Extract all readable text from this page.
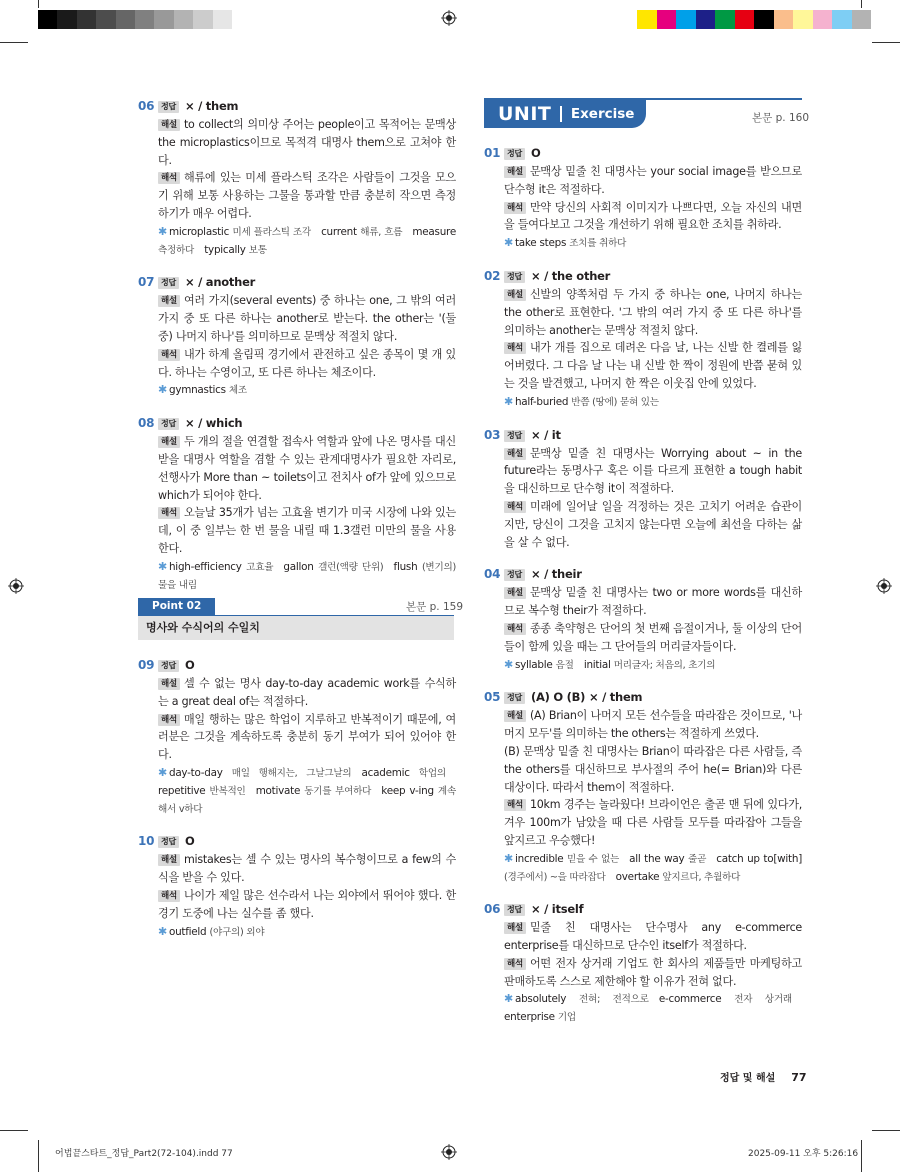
UNIT Exercise	본문 p. 160
06 정답 × / them

해설 to collect의 의미상 주어는 people이고 목적어는 문맥상 the microplastics이므로 목적격 대명사 them으로 고쳐야 한다.

해석 해류에 있는 미세 플라스틱 조각은 사람들이 그것을 모으기 위해 보통 사용하는 그물을 통과할 만큼 충분히 작으면 측정하기가 매우 어렵다.

✱ microplastic 미세 플라스틱 조각  current 해류, 흐름  measure 측정하다  typically 보통 

07 정답 × / another

해설 여러 가지(several events) 중 하나는 one, 그 밖의 여러 가지 중 또 다른 하나는 another로 받는다. the other는 '(둘 중) 나머지 하나'를 의미하므로 문맥상 적절치 않다.

해석 내가 하계 올림픽 경기에서 관전하고 싶은 종목이 몇 개 있다. 하나는 수영이고, 또 다른 하나는 체조이다.

✱ gymnastics 체조 

08 정답 × / which

해설 두 개의 절을 연결할 접속사 역할과 앞에 나온 명사를 대신 받을 대명사 역할을 겸할 수 있는 관계대명사가 필요한 자리로, 선행사가 More than ~ toilets이고 전치사 of가 앞에 있으므로 which가 되어야 한다.

해석 오늘날 35개가 넘는 고효율 변기가 미국 시장에 나와 있는데, 이 중 일부는 한 번 물을 내릴 때 1.3갤런 미만의 물을 사용한다.

✱ high-efficiency 고효율  gallon 갤런(액량 단위)  flush (변기의) 물을 내림 

Point 02
명사와 수식어의 수일치
본문 p. 159
09 정답 O

해설 셀 수 없는 명사 day-to-day academic work를 수식하는 a great deal of는 적절하다.

해석 매일 행하는 많은 학업이 지루하고 반복적이기 때문에, 여러분은 그것을 계속하도록 충분히 동기 부여가 되어 있어야 한다.

✱ day-to-day 매일 행해지는, 그날그날의  academic 학업의 repetitive 반복적인  motivate 동기를 부여하다  keep v-ing 계속해서 v하다 

10 정답 O

해설 mistakes는 셀 수 있는 명사의 복수형이므로 a few의 수식을 받을 수 있다.

해석 나이가 제일 많은 선수라서 나는 외야에서 뛰어야 했다. 한 경기 도중에 나는 실수를 좀 했다.

✱ outfield (야구의) 외야 

01 정답 O

해설 문맥상 밑줄 친 대명사는 your social image를 받으므로 단수형 it은 적절하다.

해석 만약 당신의 사회적 이미지가 나쁘다면, 오늘 자신의 내면을 들여다보고 그것을 개선하기 위해 필요한 조치를 취하라.

✱ take steps 조치를 취하다 

02 정답 × / the other

해설 신발의 양쪽처럼 두 가지 중 하나는 one, 나머지 하나는 the other로 표현한다. '그 밖의 여러 가지 중 또 다른 하나'를 의미하는 another는 문맥상 적절치 않다.

해석 내가 개를 집으로 데려온 다음 날, 나는 신발 한 켤레를 잃어버렸다. 그 다음 날 나는 내 신발 한 짝이 정원에 반쯤 묻혀 있는 것을 발견했고, 나머지 한 짝은 이웃집 안에 있었다.

✱ half-buried 반쯤 (땅에) 묻혀 있는 

03 정답 × / it

해설 문맥상 밑줄 친 대명사는 Worrying about ~ in the future라는 동명사구 혹은 이를 다르게 표현한 a tough habit을 대신하므로 단수형 it이 적절하다.

해석 미래에 일어날 일을 걱정하는 것은 고치기 어려운 습관이지만, 당신이 그것을 고치지 않는다면 오늘에 최선을 다하는 삶을 살 수 없다.

04 정답 × / their

해설 문맥상 밑줄 친 대명사는 two or more words를 대신하므로 복수형 their가 적절하다.

해석 종종 축약형은 단어의 첫 번째 음절이거나, 둘 이상의 단어들이 함께 있을 때는 그 단어들의 머리글자들이다.

✱ syllable 음절  initial 머리글자; 처음의, 초기의 

05 정답 (A) O (B) × / them

해설 (A) Brian이 나머지 모든 선수들을 따라잡은 것이므로, '나머지 모두'를 의미하는 the others는 적절하게 쓰였다.

(B) 문맥상 밑줄 친 대명사는 Brian이 따라잡은 다른 사람들, 즉 the others를 대신하므로 부사절의 주어 he(= Brian)와 다른 대상이다. 따라서 them이 적절하다.

해석 10km 경주는 놀라웠다! 브라이언은 출곧 맨 뒤에 있다가, 겨우 100m가 남았을 때 다른 사람들 모두를 따라잡아 그들을 앞지르고 우승했다!

✱ incredible 믿을 수 없는  all the way 줄곧  catch up to[with] (경주에서) ~을 따라잡다  overtake 앞지르다, 추월하다 

06 정답 × / itself

해설 밑줄 친 대명사는 단수명사 any e-commerce enterprise를 대신하므로 단수인 itself가 적절하다.

해석 어떤 전자 상거래 기업도 한 회사의 제품들만 마케팅하고 판매하도록 스스로 제한해야 할 이유가 전혀 없다.

✱ absolutely 전혀; 전적으로  e-commerce 전자 상거래 enterprise 기업 

정답 및 해설 77
어법끝스타트_정답_Part2(72-104).indd 77	2025-09-11 오후 5:26:16
